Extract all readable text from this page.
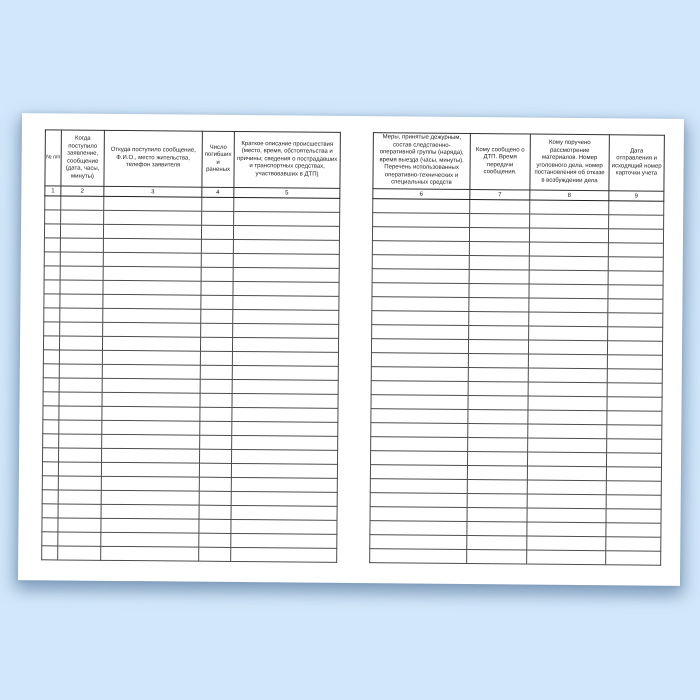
№ п/п	Когда поступило заявление, сообщение (дата, часы, минуты)	Откуда поступило сообщение, Ф.И.О., место жительства, телефон заявителя	Число погибших и раненых	Краткое описание происшествия (место, время, обстоятельства и причины; сведения о пострадавших и транспортных средствах, участвовавших в ДТП)
1	2	3	4	5

Меры, принятые дежурным, состав следственно-оперативной группы (наряда), время выезда (часы, минуты). Перечень использованных оперативно-технических и специальных средств	Кому сообщено о ДТП. Время передачи сообщения.	Кому поручено рассмотрение материалов. Номер уголовного дела, номер постановления об отказе в возбуждении дела	Дата отправления и исходящий номер карточки учета
6	7	8	9
